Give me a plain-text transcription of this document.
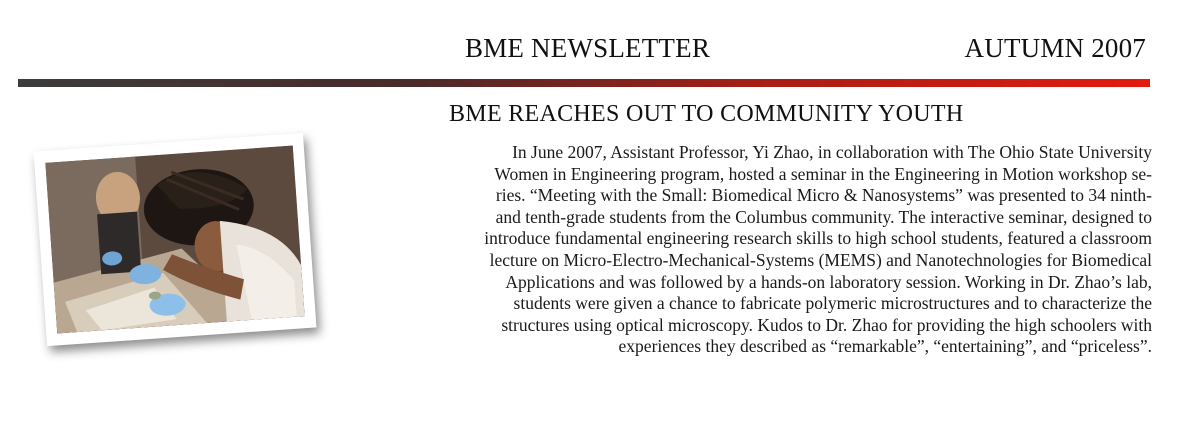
BME NEWSLETTER	AUTUMN 2007
BME REACHES OUT TO COMMUNITY YOUTH
In June 2007, Assistant Professor, Yi Zhao, in collaboration with The Ohio State University
Women in Engineering program, hosted a seminar in the Engineering in Motion workshop se-
ries. “Meeting with the Small: Biomedical Micro & Nanosystems” was presented to 34 ninth-
and tenth-grade students from the Columbus community. The interactive seminar, designed to
introduce fundamental engineering research skills to high school students, featured a classroom
lecture on Micro-Electro-Mechanical-Systems (MEMS) and Nanotechnologies for Biomedical
Applications and was followed by a hands-on laboratory session. Working in Dr. Zhao’s lab,
students were given a chance to fabricate polymeric microstructures and to characterize the
structures using optical microscopy. Kudos to Dr. Zhao for providing the high schoolers with
experiences they described as “remarkable”, “entertaining”, and “priceless”.
